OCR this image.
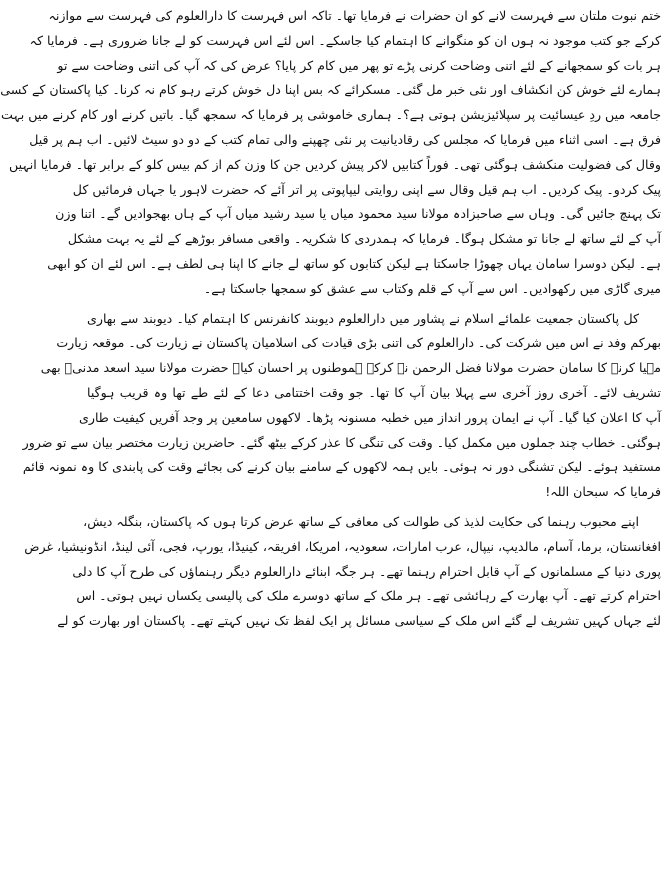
ختم نبوت ملتان سے فہرست لانے کو ان حضرات نے فرمایا تھا۔ تاکہ اس فہرست کا دارالعلوم کی فہرست سے موازنہ
کرکے جو کتب موجود نہ ہوں ان کو منگوانے کا اہتمام کیا جاسکے۔ اس لئے اس فہرست کو لے جانا ضروری ہے۔ فرمایا کہ
ہر بات کو سمجھانے کے لئے اتنی وضاحت کرنی پڑے تو پھر میں کام کر پایا؟ عرض کی کہ آپ کی اتنی وضاحت سے تو
ہمارے لئے خوش کن انکشاف اور نئی خبر مل گئی۔ مسکرائے کہ بس اپنا دل خوش کرتے رہو کام نہ کرنا۔ کیا پاکستان کے کسی
جامعہ میں ردِ عیسائیت پر سپلائیزیشن ہوتی ہے؟۔ ہماری خاموشی پر فرمایا کہ سمجھ گیا۔ باتیں کرنے اور کام کرنے میں بہت
فرق ہے۔ اسی اثناء میں فرمایا کہ مجلس کی رقادیانیت پر نئی چھپنے والی تمام کتب کے دو دو سیٹ لائیں۔ اب ہم پر قیل
وقال کی فضولیت منکشف ہوگئی تھی۔ فوراً کتابیں لاکر پیش کردیں جن کا وزن کم از کم بیس کلو کے برابر تھا۔ فرمایا انہیں
پیک کردو۔ پیک کردیں۔ اب ہم قیل وقال سے اپنی روایتی لیپاپوتی پر اتر آئے کہ حضرت لاہور یا جہاں فرمائیں کل
تک پہنچ جائیں گی۔ وہاں سے صاحبزادہ مولانا سید محمود میاں یا سید رشید میاں آپ کے ہاں بھجوادیں گے۔ اتنا وزن
آپ کے لئے ساتھ لے جانا تو مشکل ہوگا۔ فرمایا کہ ہمدردی کا شکریہ۔ واقعی مسافر بوڑھے کے لئے یہ بہت مشکل
ہے۔ لیکن دوسرا سامان یہاں چھوڑا جاسکتا ہے لیکن کتابوں کو ساتھ لے جانے کا اپنا ہی لطف ہے۔ اس لئے ان کو ابھی
میری گاڑی میں رکھوادیں۔ اس سے آپ کے قلم وکتاب سے عشق کو سمجھا جاسکتا ہے۔
کل پاکستان جمعیت علمائے اسلام نے پشاور میں دارالعلوم دیوبند کانفرنس کا اہتمام کیا۔ دیوبند سے بھاری
بھرکم وفد نے اس میں شرکت کی۔ دارالعلوم کی اتنی بڑی قیادت کی اسلامیان پاکستان نے زیارت کی۔ موقعہ زیارت
مہیا کرنے کا سامان حضرت مولانا فضل الرحمن نے کرکے ہموطنوں پر احسان کیا۔ حضرت مولانا سید اسعد مدنیؒ بھی
تشریف لائے۔ آخری روز آخری سے پہلا بیان آپ کا تھا۔ جو وقت اختتامی دعا کے لئے طے تھا وہ قریب ہوگیا
آپ کا اعلان کیا گیا۔ آپ نے ایمان پرور انداز میں خطبہ مسنونہ پڑھا۔ لاکھوں سامعین پر وجد آفریں کیفیت طاری
ہوگئی۔ خطاب چند جملوں میں مکمل کیا۔ وقت کی تنگی کا عذر کرکے بیٹھ گئے۔ حاضرین زیارت مختصر بیان سے تو ضرور
مستفید ہوئے۔ لیکن تشنگی دور نہ ہوئی۔ بایں ہمہ لاکھوں کے سامنے بیان کرنے کی بجائے وقت کی پابندی کا وہ نمونہ قائم
فرمایا کہ سبحان اللہ!
اپنے محبوب رہنما کی حکایت لذیذ کی طوالت کی معافی کے ساتھ عرض کرتا ہوں کہ پاکستان، بنگلہ دیش،
افغانستان، برما، آسام، مالدیپ، نیپال، عرب امارات، سعودیہ، امریکا، افریقہ، کینیڈا، یورپ، فجی، آئی لینڈ، انڈونیشیا، غرض
پوری دنیا کے مسلمانوں کے آپ قابل احترام رہنما تھے۔ ہر جگہ ابنائے دارالعلوم دیگر رہنماؤں کی طرح آپ کا دلی
احترام کرتے تھے۔ آپ بھارت کے رہائشی تھے۔ ہر ملک کے ساتھ دوسرے ملک کی پالیسی یکساں نہیں ہوتی۔ اس
لئے جہاں کہیں تشریف لے گئے اس ملک کے سیاسی مسائل پر ایک لفظ تک نہیں کہتے تھے۔ پاکستان اور بھارت کو لے
